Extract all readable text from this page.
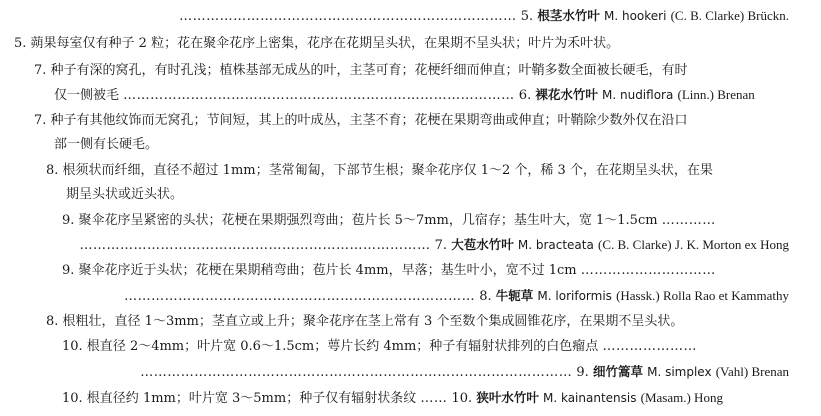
………………………………………………………………… 5. 根茎水竹叶 M. hookeri (C. B. Clarke) Brückn.
5. 蒴果每室仅有种子 2 粒；花在聚伞花序上密集，花序在花期呈头状，在果期不呈头状；叶片为禾叶状。
7. 种子有深的窝孔，有时孔浅；植株基部无成丛的叶，主茎可育；花梗纤细而伸直；叶鞘多数全面被长硬毛，有时
仅一侧被毛 …………………………………………………………………………… 6. 裸花水竹叶 M. nudiflora (Linn.) Brenan
7. 种子有其他纹饰而无窝孔；节间短，其上的叶成丛，主茎不育；花梗在果期弯曲或伸直；叶鞘除少数外仅在沿口
部一侧有长硬毛。
8. 根须状而纤细，直径不超过 1mm；茎常匍匐，下部节生根；聚伞花序仅 1～2 个，稀 3 个，在花期呈头状，在果
期呈头状或近头状。
9. 聚伞花序呈紧密的头状；花梗在果期强烈弯曲；苞片长 5～7mm，几宿存；基生叶大，宽 1～1.5cm …………
…………………………………………………………………… 7. 大苞水竹叶 M. bracteata (C. B. Clarke) J. K. Morton ex Hong
9. 聚伞花序近于头状；花梗在果期稍弯曲；苞片长 4mm，早落；基生叶小，宽不过 1cm …………………………
…………………………………………………………………… 8. 牛轭草 M. loriformis (Hassk.) Rolla Rao et Kammathy
8. 根粗壮，直径 1～3mm；茎直立或上升；聚伞花序在茎上常有 3 个至数个集成圆锥花序，在果期不呈头状。
10. 根直径 2～4mm；叶片宽 0.6～1.5cm；萼片长约 4mm；种子有辐射状排列的白色瘤点 …………………
…………………………………………………………………………………… 9. 细竹篙草 M. simplex (Vahl) Brenan
10. 根直径约 1mm；叶片宽 3～5mm；种子仅有辐射状条纹 …… 10. 狭叶水竹叶 M. kainantensis (Masam.) Hong
